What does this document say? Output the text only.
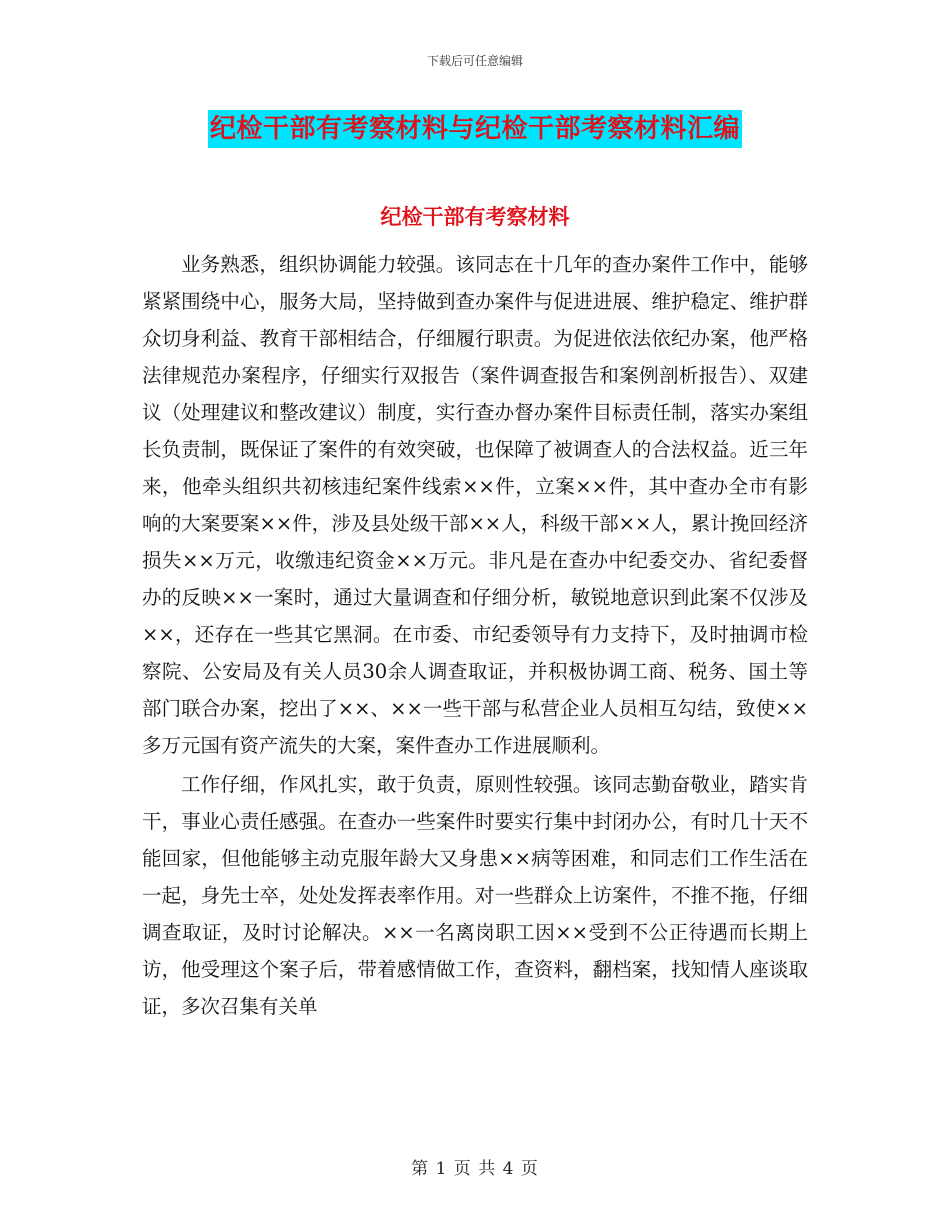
下载后可任意编辑
纪检干部有考察材料与纪检干部考察材料汇编
纪检干部有考察材料

业务熟悉，组织协调能力较强。该同志在十几年的查办案件工作中，能够紧紧围绕中心，服务大局，坚持做到查办案件与促进进展、维护稳定、维护群众切身利益、教育干部相结合，仔细履行职责。为促进依法依纪办案，他严格法律规范办案程序，仔细实行双报告（案件调查报告和案例剖析报告）、双建议（处理建议和整改建议）制度，实行查办督办案件目标责任制，落实办案组长负责制，既保证了案件的有效突破，也保障了被调查人的合法权益。近三年来，他牵头组织共初核违纪案件线索××件，立案××件，其中查办全市有影响的大案要案××件，涉及县处级干部××人，科级干部××人，累计挽回经济损失××万元，收缴违纪资金××万元。非凡是在查办中纪委交办、省纪委督办的反映××一案时，通过大量调查和仔细分析，敏锐地意识到此案不仅涉及××，还存在一些其它黑洞。在市委、市纪委领导有力支持下，及时抽调市检察院、公安局及有关人员30余人调查取证，并积极协调工商、税务、国土等部门联合办案，挖出了××、××一些干部与私营企业人员相互勾结，致使××多万元国有资产流失的大案，案件查办工作进展顺利。

工作仔细，作风扎实，敢于负责，原则性较强。该同志勤奋敬业，踏实肯干，事业心责任感强。在查办一些案件时要实行集中封闭办公，有时几十天不能回家，但他能够主动克服年龄大又身患××病等困难，和同志们工作生活在一起，身先士卒，处处发挥表率作用。对一些群众上访案件，不推不拖，仔细调查取证，及时讨论解决。××一名离岗职工因××受到不公正待遇而长期上访，他受理这个案子后，带着感情做工作，查资料，翻档案，找知情人座谈取证，多次召集有关单

第 1 页 共 4 页
